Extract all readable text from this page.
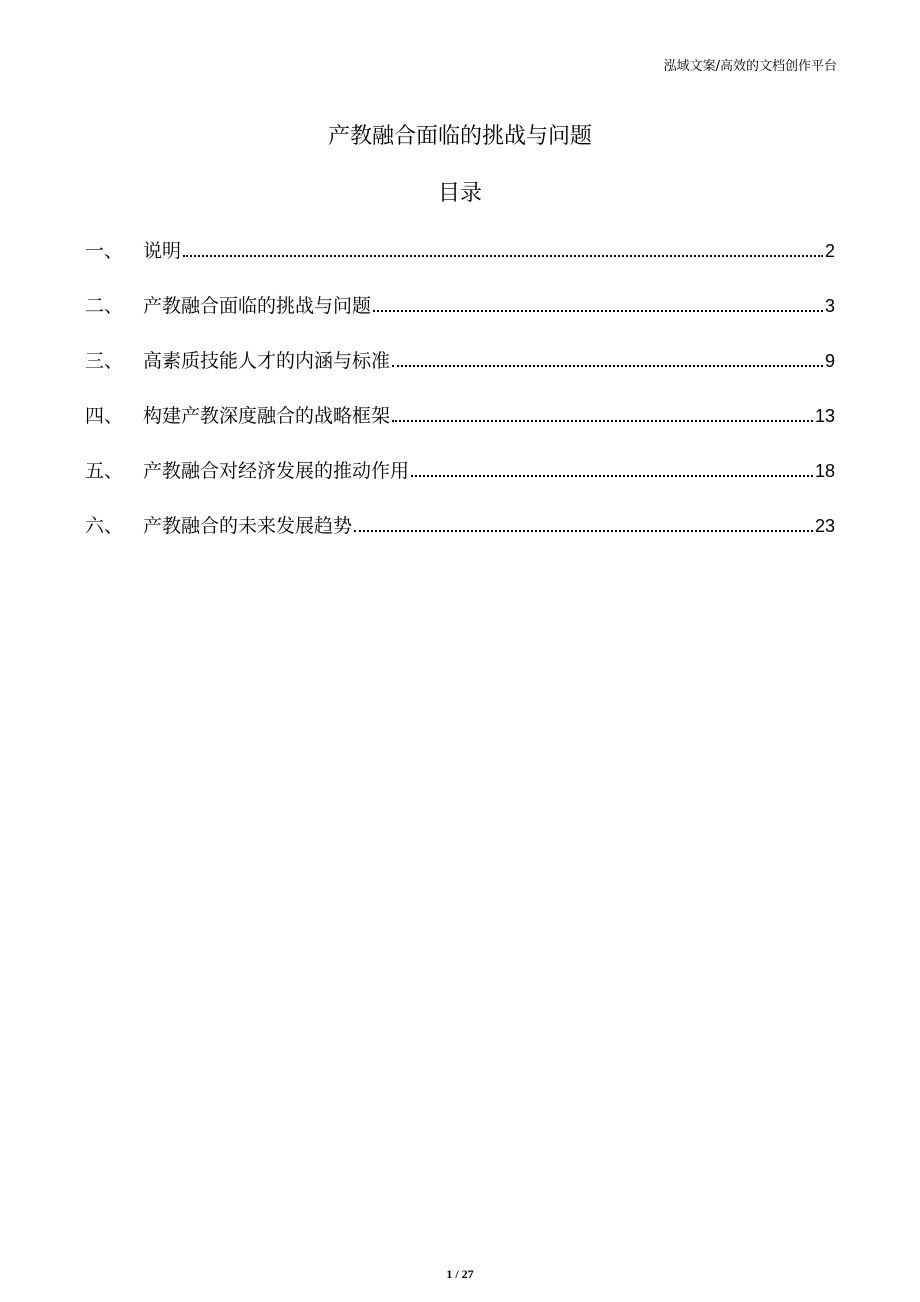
泓域文案/高效的文档创作平台
产教融合面临的挑战与问题
目录
一、	说明	2
二、	产教融合面临的挑战与问题	3
三、	高素质技能人才的内涵与标准	9
四、	构建产教深度融合的战略框架	13
五、	产教融合对经济发展的推动作用	18
六、	产教融合的未来发展趋势	23
1 / 27
